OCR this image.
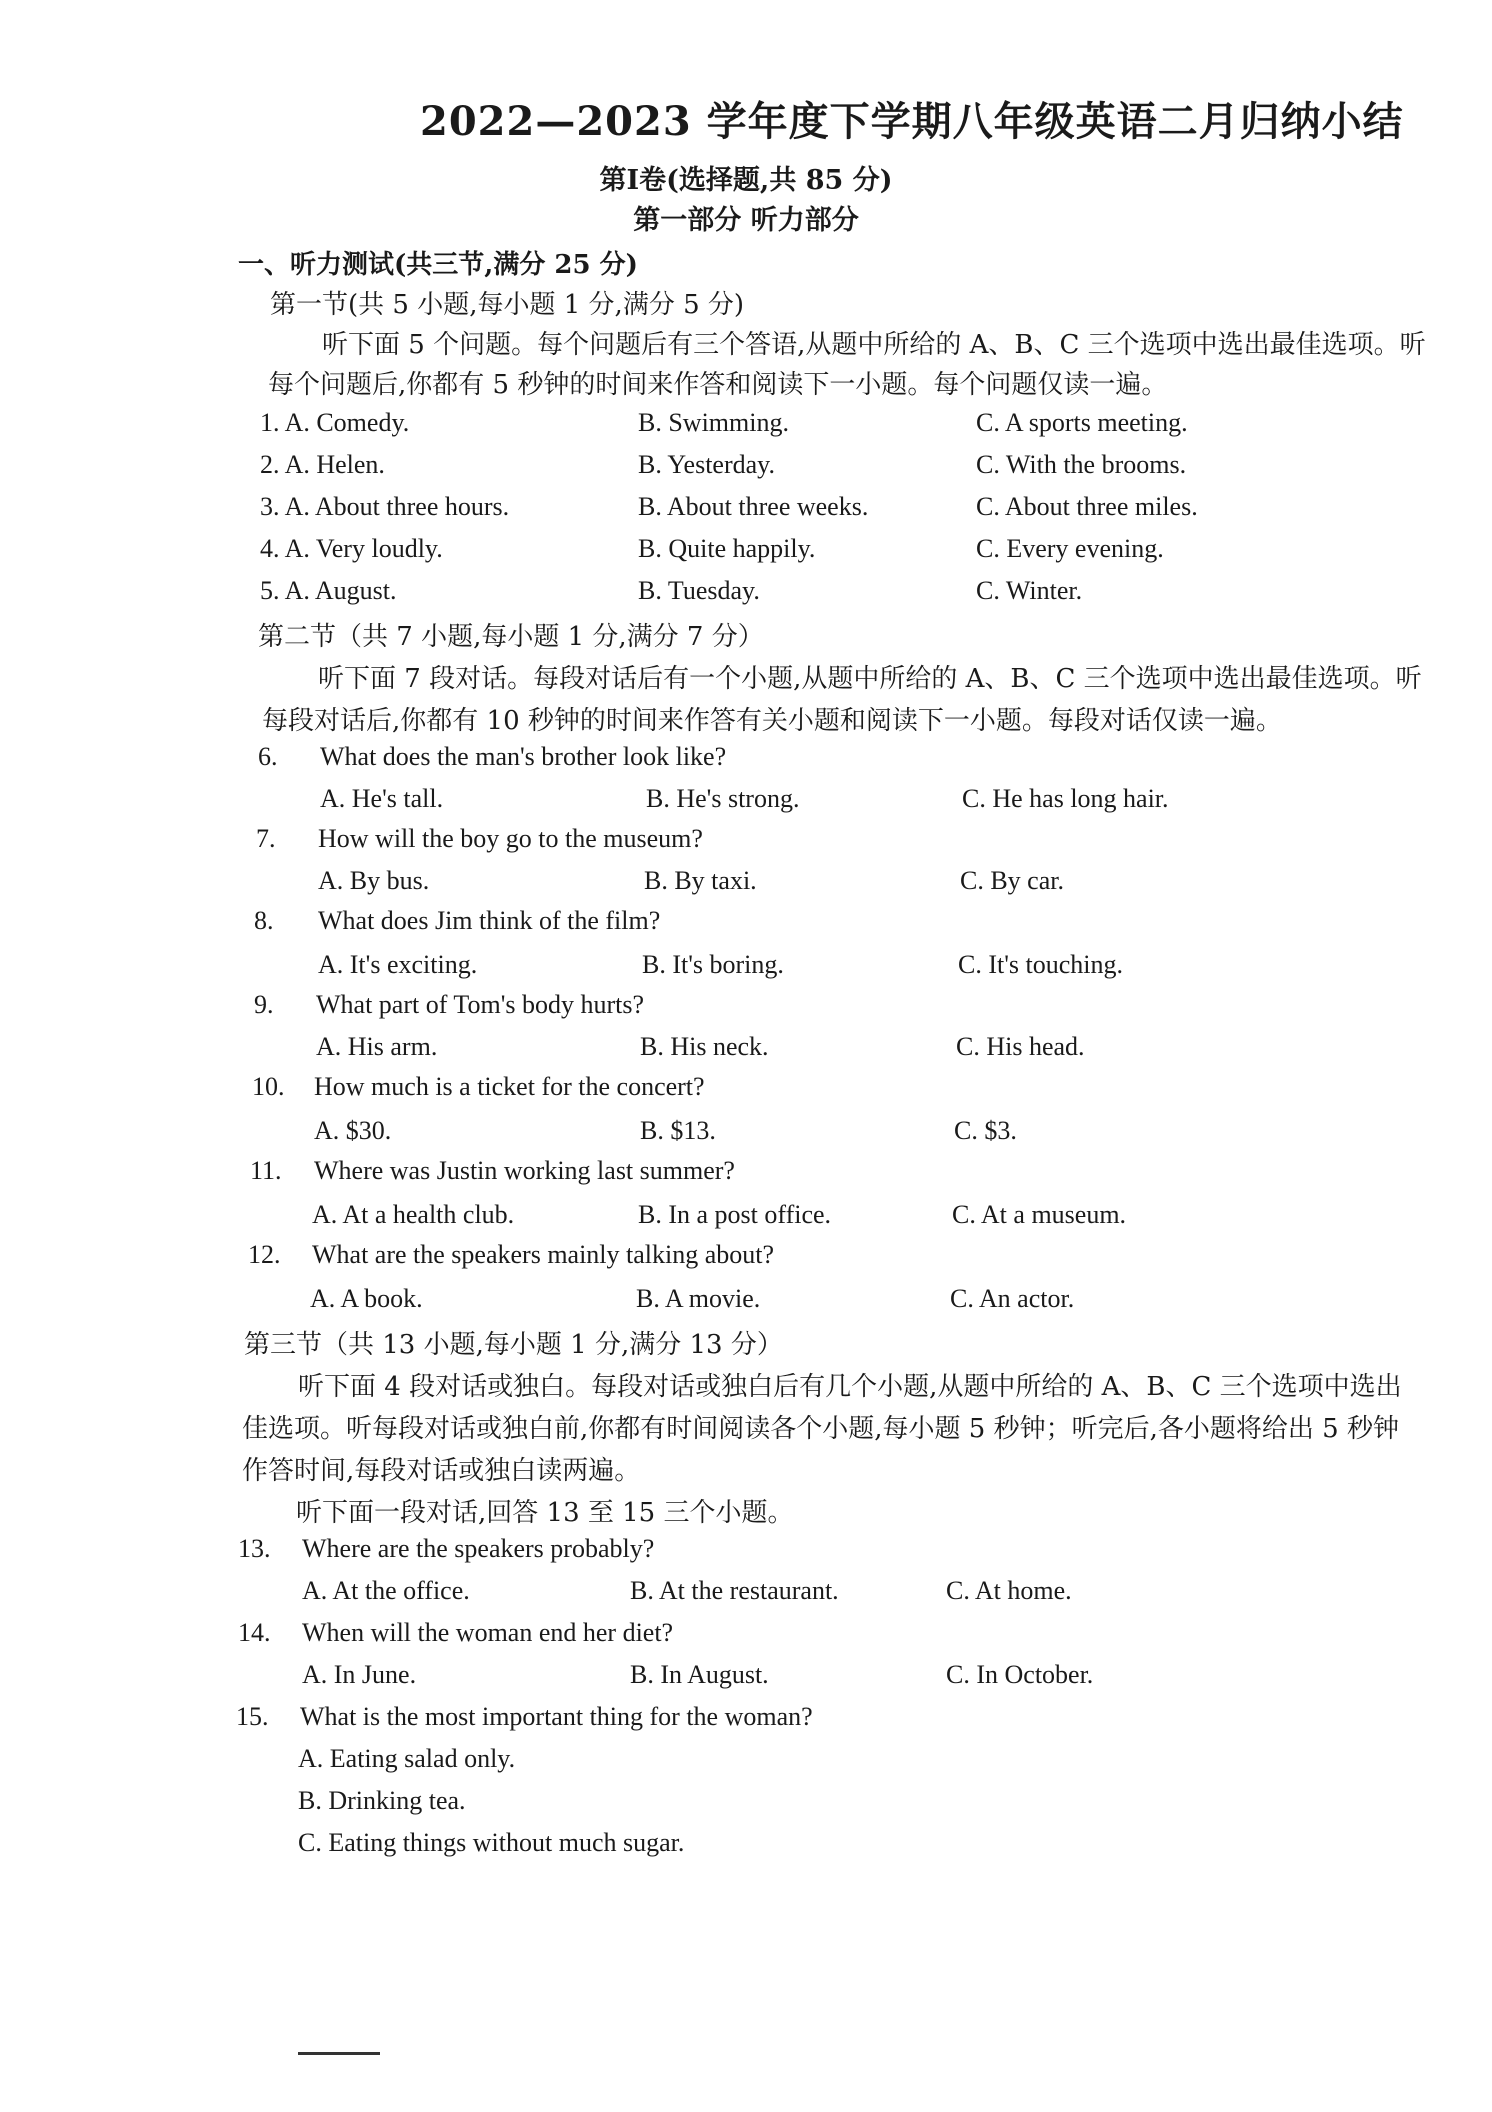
2022—2023 学年度下学期八年级英语二月归纳小结
第Ⅰ卷(选择题,共 85 分)
第一部分 听力部分
一、听力测试(共三节,满分 25 分)
第一节(共 5 小题,每小题 1 分,满分 5 分)
听下面 5 个问题。每个问题后有三个答语,从题中所给的 A、B、C 三个选项中选出最佳选项。听
每个问题后,你都有 5 秒钟的时间来作答和阅读下一小题。每个问题仅读一遍。
1. A. Comedy.	B. Swimming.	C. A sports meeting.
2. A. Helen.	B. Yesterday.	C. With the brooms.
3. A. About three hours.	B. About three weeks.	C. About three miles.
4. A. Very loudly.	B. Quite happily.	C. Every evening.
5. A. August.	B. Tuesday.	C. Winter.
第二节（共 7 小题,每小题 1 分,满分 7 分）
听下面 7 段对话。每段对话后有一个小题,从题中所给的 A、B、C 三个选项中选出最佳选项。听
每段对话后,你都有 10 秒钟的时间来作答有关小题和阅读下一小题。每段对话仅读一遍。
6. What does the man's brother look like?
A. He's tall.	B. He's strong.	C. He has long hair.
7. How will the boy go to the museum?
A. By bus.	B. By taxi.	C. By car.
8. What does Jim think of the film?
A. It's exciting.	B. It's boring.	C. It's touching.
9. What part of Tom's body hurts?
A. His arm.	B. His neck.	C. His head.
10. How much is a ticket for the concert?
A. $30.	B. $13.	C. $3.
11. Where was Justin working last summer?
A. At a health club.	B. In a post office.	C. At a museum.
12. What are the speakers mainly talking about?
A. A book.	B. A movie.	C. An actor.
第三节（共 13 小题,每小题 1 分,满分 13 分）
听下面 4 段对话或独白。每段对话或独白后有几个小题,从题中所给的 A、B、C 三个选项中选出
佳选项。听每段对话或独白前,你都有时间阅读各个小题,每小题 5 秒钟；听完后,各小题将给出 5 秒钟
作答时间,每段对话或独白读两遍。
听下面一段对话,回答 13 至 15 三个小题。
13. Where are the speakers probably?
A. At the office.	B. At the restaurant.	C. At home.
14. When will the woman end her diet?
A. In June.	B. In August.	C. In October.
15. What is the most important thing for the woman?
A. Eating salad only.
B. Drinking tea.
C. Eating things without much sugar.
